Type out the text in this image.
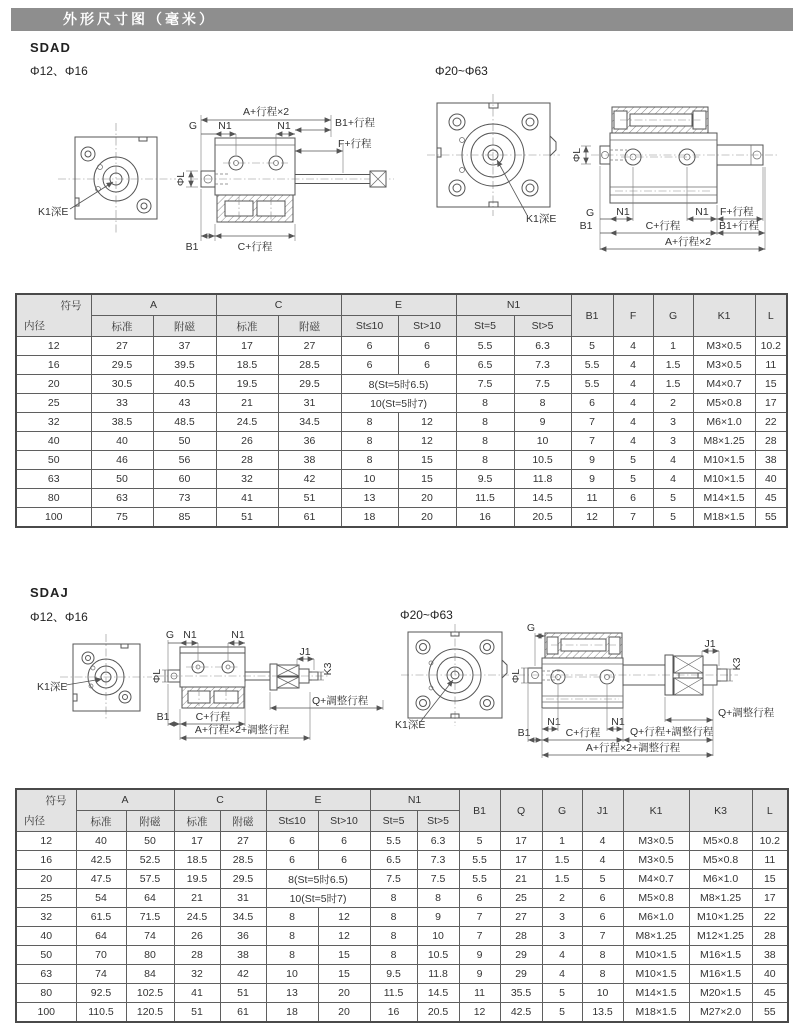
外形尺寸图（毫米）
SDAD
Φ12、Φ16	Φ20~Φ63
K1深E
A+行程×2
G N1	N1	B1+行程
F+行程
ΦL
B1	C+行程
K1深E
ΦL
G N1	N1 F+行程
B1	C+行程	B1+行程
A+行程×2
符号
内径	A		C		E		N1		B1	F	G	K1	L
	标准	附磁	标准	附磁	St≤10	St>10	St=5	St>5					
12	27	37	17	27	6	6	5.5	6.3	5	4	1	M3×0.5	10.2
16	29.5	39.5	18.5	28.5	6	6	6.5	7.3	5.5	4	1.5	M3×0.5	11
20	30.5	40.5	19.5	29.5	8(St=5时6.5)		7.5	7.5	5.5	4	1.5	M4×0.7	15
25	33	43	21	31	10(St=5时7)		8	8	6	4	2	M5×0.8	17
32	38.5	48.5	24.5	34.5	8	12	8	9	7	4	3	M6×1.0	22
40	40	50	26	36	8	12	8	10	7	4	3	M8×1.25	28
50	46	56	28	38	8	15	8	10.5	9	5	4	M10×1.5	38
63	50	60	32	42	10	15	9.5	11.8	9	5	4	M10×1.5	40
80	63	73	41	51	13	20	11.5	14.5	11	6	5	M14×1.5	45
100	75	85	51	61	18	20	16	20.5	12	7	5	M18×1.5	55
SDAJ
Φ12、Φ16	Φ20~Φ63
K1深E
G N1	N1
J1
K3
ΦL
B1 C+行程
Q+調整行程
A+行程×2+調整行程	K1深E
G
J1
K3
ΦL
N1	N1
B1	C+行程	Q+行程+調整行程
Q+調整行程
A+行程×2+調整行程
符号
内径	A		C		E		N1		B1	Q	G	J1	K1	K3	L
	标准	附磁	标准	附磁	St≤10	St>10	St=5	St>5							
12	40	50	17	27	6	6	5.5	6.3	5	17	1	4	M3×0.5	M5×0.8	10.2
16	42.5	52.5	18.5	28.5	6	6	6.5	7.3	5.5	17	1.5	4	M3×0.5	M5×0.8	11
20	47.5	57.5	19.5	29.5	8(St=5时6.5)		7.5	7.5	5.5	21	1.5	5	M4×0.7	M6×1.0	15
25	54	64	21	31	10(St=5时7)		8	8	6	25	2	6	M5×0.8	M8×1.25	17
32	61.5	71.5	24.5	34.5	8	12	8	9	7	27	3	6	M6×1.0	M10×1.25	22
40	64	74	26	36	8	12	8	10	7	28	3	7	M8×1.25	M12×1.25	28
50	70	80	28	38	8	15	8	10.5	9	29	4	8	M10×1.5	M16×1.5	38
63	74	84	32	42	10	15	9.5	11.8	9	29	4	8	M10×1.5	M16×1.5	40
80	92.5	102.5	41	51	13	20	11.5	14.5	11	35.5	5	10	M14×1.5	M20×1.5	45
100	110.5	120.5	51	61	18	20	16	20.5	12	42.5	5	13.5	M18×1.5	M27×2.0	55
